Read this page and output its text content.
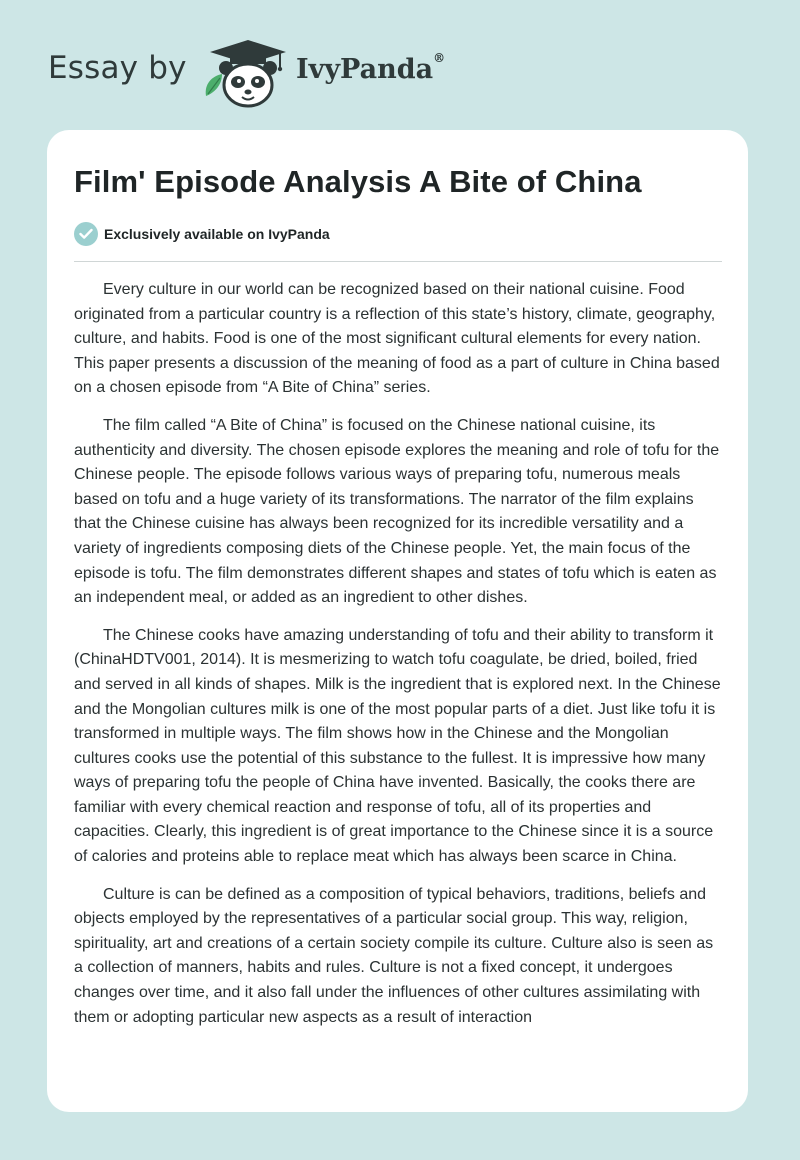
Essay by	IvyPanda®
Film' Episode Analysis A Bite of China
Exclusively available on IvyPanda

Every culture in our world can be recognized based on their national cuisine. Food originated from a particular country is a reflection of this state’s history, climate, geography, culture, and habits. Food is one of the most significant cultural elements for every nation. This paper presents a discussion of the meaning of food as a part of culture in China based on a chosen episode from “A Bite of China” series.

The film called “A Bite of China” is focused on the Chinese national cuisine, its authenticity and diversity. The chosen episode explores the meaning and role of tofu for the Chinese people. The episode follows various ways of preparing tofu, numerous meals based on tofu and a huge variety of its transformations. The narrator of the film explains that the Chinese cuisine has always been recognized for its incredible versatility and a variety of ingredients composing diets of the Chinese people. Yet, the main focus of the episode is tofu. The film demonstrates different shapes and states of tofu which is eaten as an independent meal, or added as an ingredient to other dishes.

The Chinese cooks have amazing understanding of tofu and their ability to transform it (ChinaHDTV001, 2014). It is mesmerizing to watch tofu coagulate, be dried, boiled, fried and served in all kinds of shapes. Milk is the ingredient that is explored next. In the Chinese and the Mongolian cultures milk is one of the most popular parts of a diet. Just like tofu it is transformed in multiple ways. The film shows how in the Chinese and the Mongolian cultures cooks use the potential of this substance to the fullest. It is impressive how many ways of preparing tofu the people of China have invented. Basically, the cooks there are familiar with every chemical reaction and response of tofu, all of its properties and capacities. Clearly, this ingredient is of great importance to the Chinese since it is a source of calories and proteins able to replace meat which has always been scarce in China.

Culture is can be defined as a composition of typical behaviors, traditions, beliefs and objects employed by the representatives of a particular social group. This way, religion, spirituality, art and creations of a certain society compile its culture. Culture also is seen as a collection of manners, habits and rules. Culture is not a fixed concept, it undergoes changes over time, and it also fall under the influences of other cultures assimilating with them or adopting particular new aspects as a result of interaction
